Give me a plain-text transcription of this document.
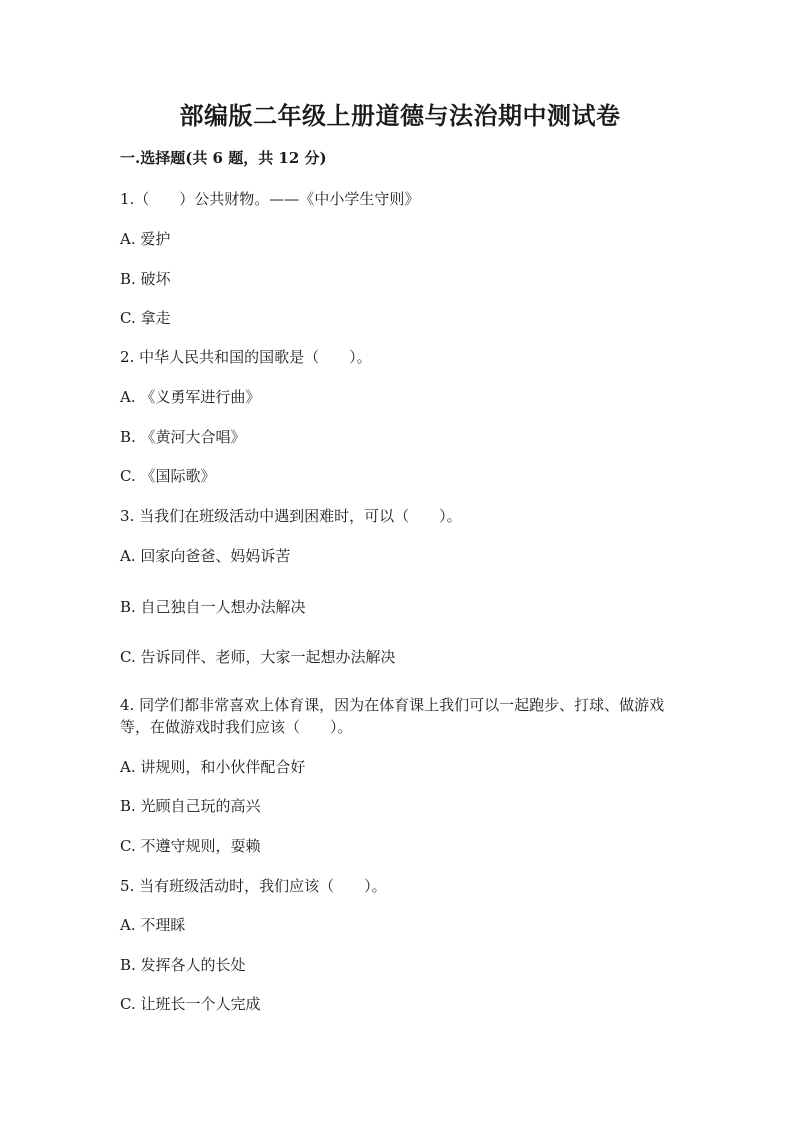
部编版二年级上册道德与法治期中测试卷
一.选择题(共 6 题，共 12 分)
1.（　　）公共财物。——《中小学生守则》
A. 爱护
B. 破坏
C. 拿走
2. 中华人民共和国的国歌是（　　）。
A. 《义勇军进行曲》
B. 《黄河大合唱》
C. 《国际歌》
3. 当我们在班级活动中遇到困难时，可以（　　）。
A. 回家向爸爸、妈妈诉苦
B. 自己独自一人想办法解决
C. 告诉同伴、老师，大家一起想办法解决
4. 同学们都非常喜欢上体育课，因为在体育课上我们可以一起跑步、打球、做游戏等，在做游戏时我们应该（　　）。
A. 讲规则，和小伙伴配合好
B. 光顾自己玩的高兴
C. 不遵守规则，耍赖
5. 当有班级活动时，我们应该（　　）。
A. 不理睬
B. 发挥各人的长处
C. 让班长一个人完成
